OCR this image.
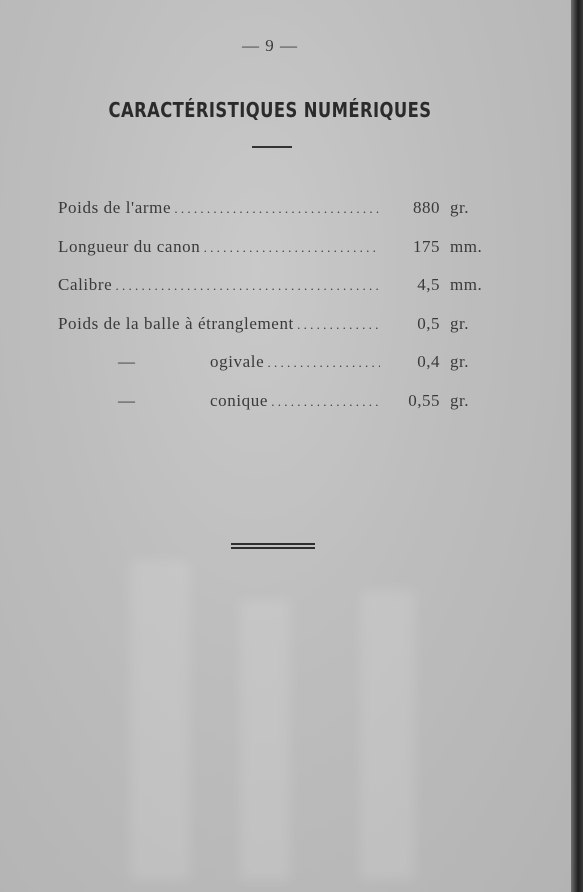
— 9 —
CARACTÉRISTIQUES NUMÉRIQUES
Poids de l'arme . . .	880 gr.
Longueur du canon . . .	175 mm.
Calibre . . .	4,5 mm.
Poids de la balle à étranglement . . .	0,5 gr.
—	ogivale . . .	0,4 gr.
—	conique . . .	0,55 gr.
